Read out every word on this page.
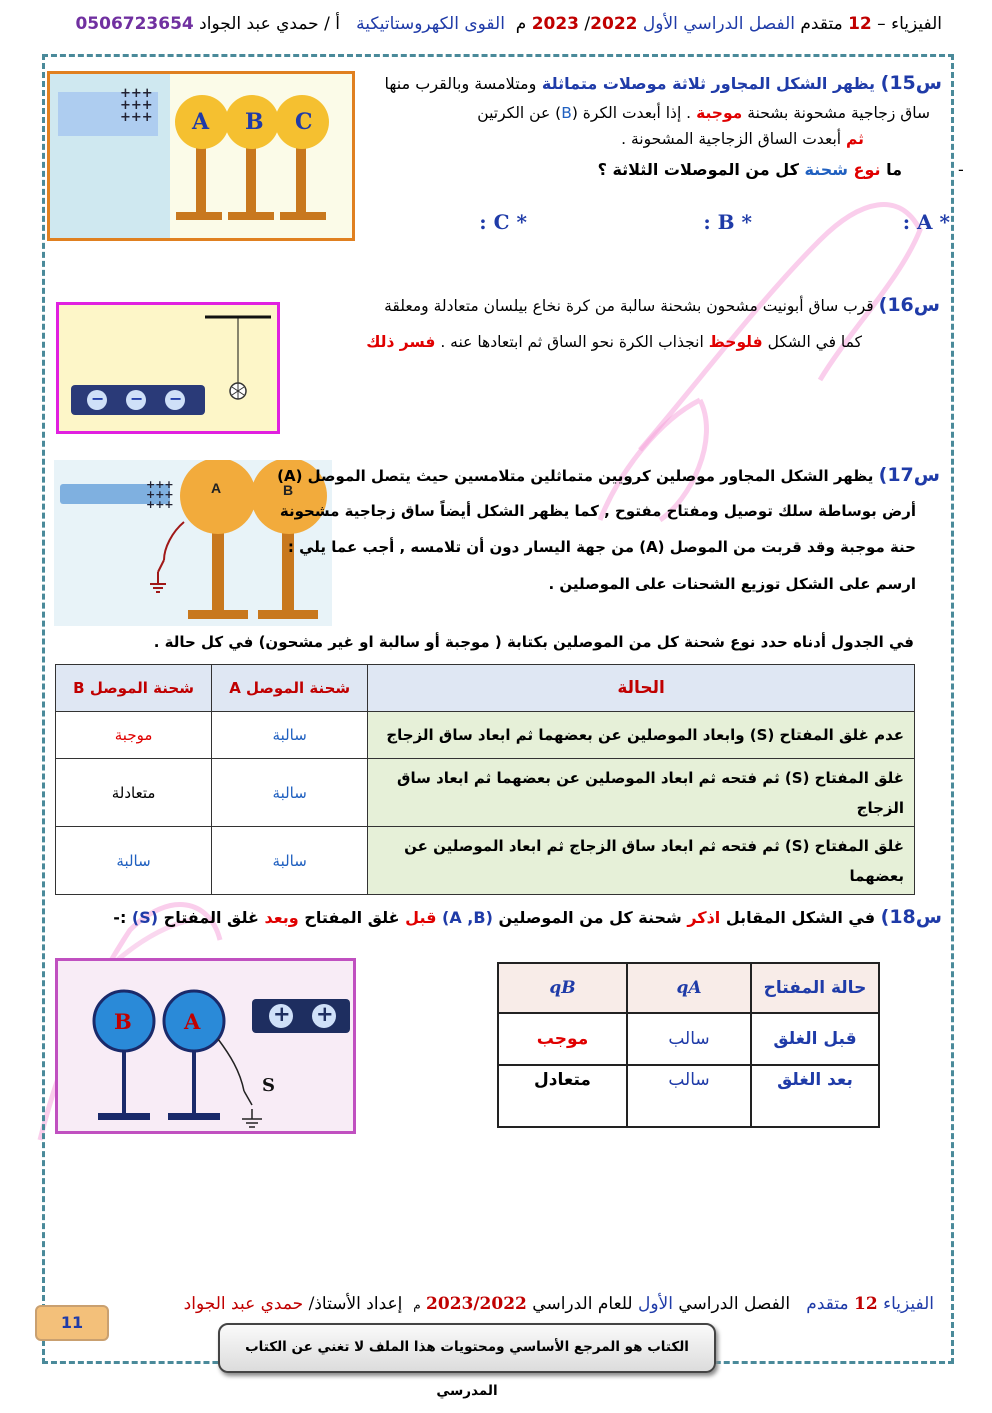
الفيزياء – 12 متقدم الفصل الدراسي الأول 2022/ 2023 م  القوى الكهروستاتيكية   أ / حمدي عبد الجواد 0506723654
+++
+++
+++ A B C
س15) يظهر الشكل المجاور ثلاثة موصلات متماثلة ومتلامسة وبالقرب منها
ساق زجاجية مشحونة بشحنة موجبة . إذا أبعدت الكرة (B) عن الكرتين
ثم أبعدت الساق الزجاجية المشحونة .
ما نوع شحنة كل من الموصلات الثلاثة ؟	-
* A :
* B :
* C :
− − −
س16) قرب ساق أبونيت مشحون بشحنة سالبة من كرة نخاع بيلسان متعادلة ومعلقة
كما في الشكل فلوحظ انجذاب الكرة نحو الساق ثم ابتعادها عنه . فسر ذلك
+++
+++
+++
A	B
س17) يظهر الشكل المجاور موصلين كرويين متماثلين متلامسين حيث يتصل الموصل (A)
أرض بوساطة سلك توصيل ومفتاح مفتوح , كما يظهر الشكل أيضاً ساق زجاجية مشحونة
حنة موجبة وقد قربت من الموصل (A) من جهة اليسار دون أن تلامسه , أجب عما يلي :
ارسم على الشكل توزيع الشحنات على الموصلين .
في الجدول أدناه حدد نوع شحنة كل من الموصلين بكتابة ( موجبة أو سالبة او غير مشحون) في كل حالة .
الحالة	شحنة الموصل A	شحنة الموصل B
عدم غلق المفتاح (S) وابعاد الموصلين عن بعضهما ثم ابعاد ساق الزجاج	سالبة	موجبة
غلق المفتاح (S) ثم فتحه ثم ابعاد الموصلين عن بعضهما ثم ابعاد ساق الزجاج	سالبة	متعادلة
غلق المفتاح (S) ثم فتحه ثم ابعاد ساق الزجاج ثم ابعاد الموصلين عن بعضهما	سالبة	سالبة
س18) في الشكل المقابل اذكر شحنة كل من الموصلين (A ,B) قبل غلق المفتاح وبعد غلق المفتاح (S) :-
B A
S
+ +
حالة المفتاح	qA	qB
قبل الغلق	سالب	موجب
بعد الغلق	سالب	متعادل
الفيزياء 12 متقدم   الفصل الدراسي الأول للعام الدراسي 2023/2022 م  إعداد الأستاذ/ حمدي عبد الجواد
11
الكتاب هو المرجع الأساسي ومحتويات هذا الملف لا تغني عن الكتاب المدرسي
